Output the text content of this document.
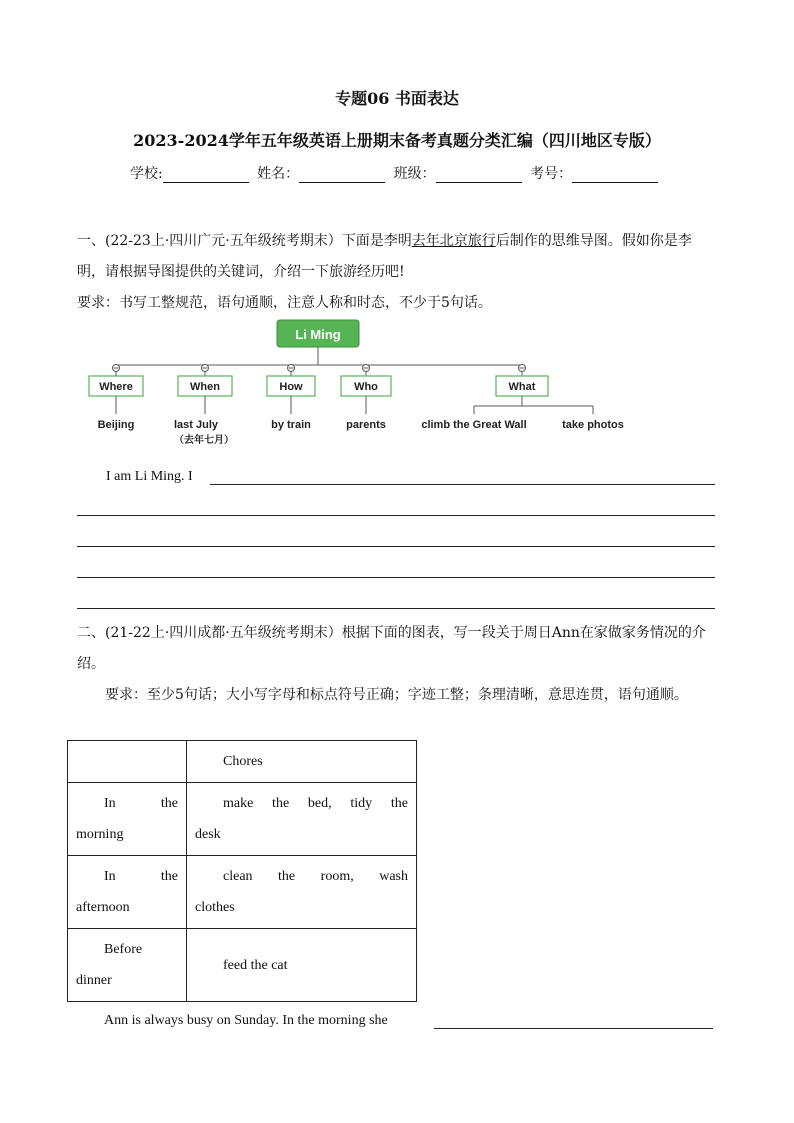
专题06 书面表达
2023-2024学年五年级英语上册期末备考真题分类汇编（四川地区专版）
学校:	姓名：	班级：	考号：

一、(22-23上·四川广元·五年级统考期末）下面是李明去年北京旅行后制作的思维导图。假如你是李明，请根据导图提供的关键词，介绍一下旅游经历吧!

要求：书写工整规范，语句通顺，注意人称和时态，不少于5句话。

Li Ming
Where	When	How	Who	What
Beijing	last July
（去年七月）
by train	parents	climb the Great Wall	take photos
I am Li Ming. I

二、(21-22上·四川成都·五年级统考期末）根据下面的图表，写一段关于周日Ann在家做家务情况的介绍。

要求：至少5句话；大小写字母和标点符号正确；字迹工整；条理清晰，意思连贯，语句通顺。

	Chores

In the
morning	make the bed, tidy the
desk

In the
afternoon	clean the room, wash
clothes

Before
dinner	feed the cat
Ann is always busy on Sunday. In the morning she
